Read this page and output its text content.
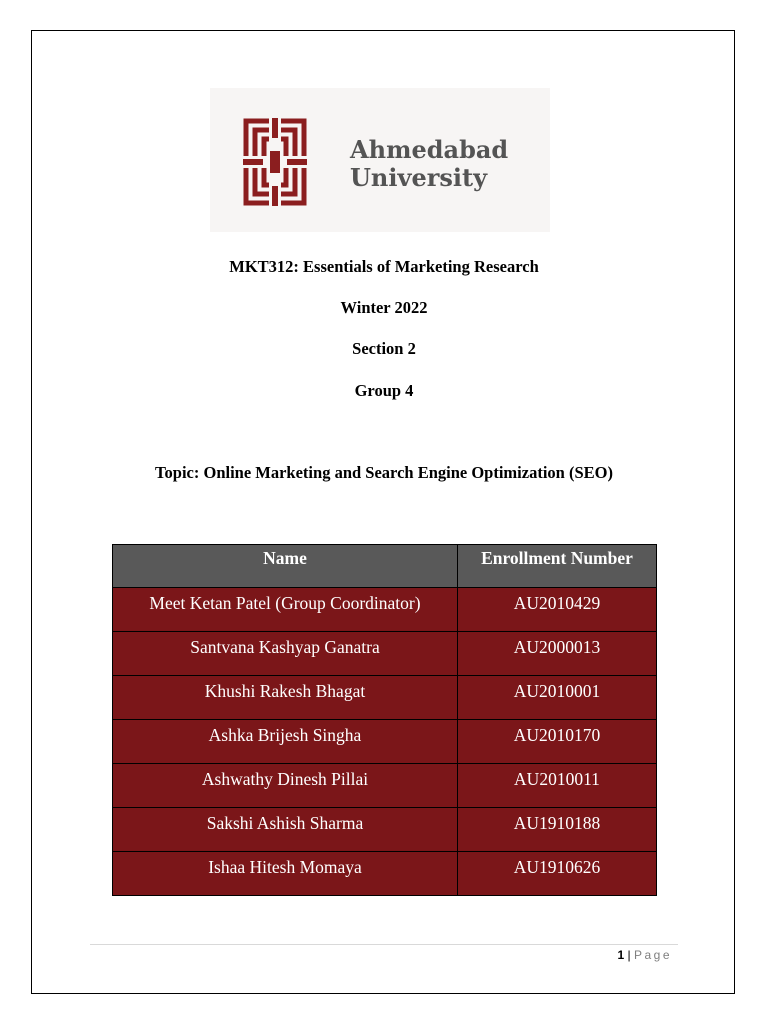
Ahmedabad
University
MKT312: Essentials of Marketing Research
Winter 2022
Section 2
Group 4
Topic: Online Marketing and Search Engine Optimization (SEO)
Name	Enrollment Number
Meet Ketan Patel (Group Coordinator)	AU2010429
Santvana Kashyap Ganatra	AU2000013
Khushi Rakesh Bhagat	AU2010001
Ashka Brijesh Singha	AU2010170
Ashwathy Dinesh Pillai	AU2010011
Sakshi Ashish Sharma	AU1910188
Ishaa Hitesh Momaya	AU1910626
1 | Page
